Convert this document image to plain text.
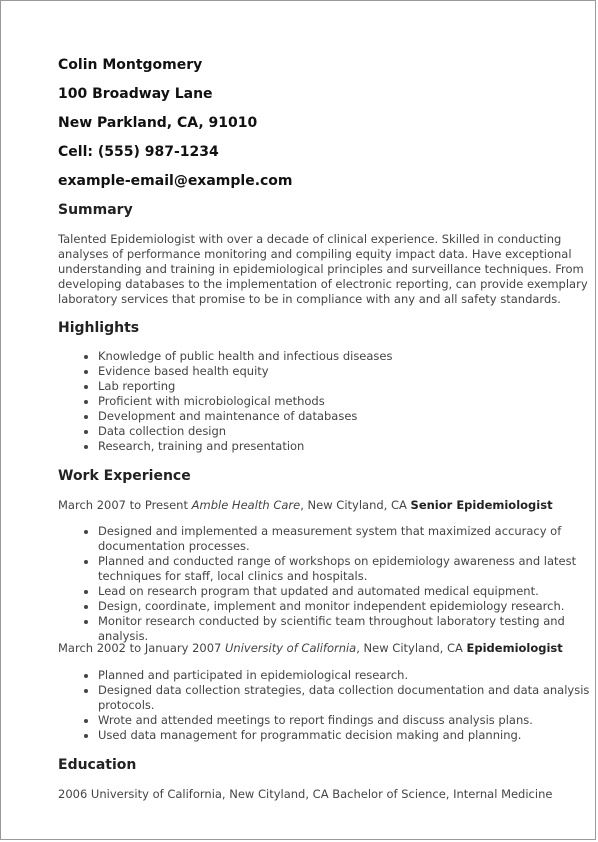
Colin Montgomery
100 Broadway Lane
New Parkland, CA, 91010
Cell: (555) 987-1234
example-email@example.com
Summary
Talented Epidemiologist with over a decade of clinical experience. Skilled in conducting analyses of performance monitoring and compiling equity impact data. Have exceptional understanding and training in epidemiological principles and surveillance techniques. From developing databases to the implementation of electronic reporting, can provide exemplary laboratory services that promise to be in compliance with any and all safety standards.
Highlights
• Knowledge of public health and infectious diseases
• Evidence based health equity
• Lab reporting
• Proficient with microbiological methods
• Development and maintenance of databases
• Data collection design
• Research, training and presentation
Work Experience
March 2007 to Present Amble Health Care, New Cityland, CA Senior Epidemiologist
• Designed and implemented a measurement system that maximized accuracy of documentation processes.
• Planned and conducted range of workshops on epidemiology awareness and latest techniques for staff, local clinics and hospitals.
• Lead on research program that updated and automated medical equipment.
• Design, coordinate, implement and monitor independent epidemiology research.
• Monitor research conducted by scientific team throughout laboratory testing and analysis.
March 2002 to January 2007 University of California, New Cityland, CA Epidemiologist
• Planned and participated in epidemiological research.
• Designed data collection strategies, data collection documentation and data analysis protocols.
• Wrote and attended meetings to report findings and discuss analysis plans.
• Used data management for programmatic decision making and planning.
Education
2006 University of California, New Cityland, CA Bachelor of Science, Internal Medicine
